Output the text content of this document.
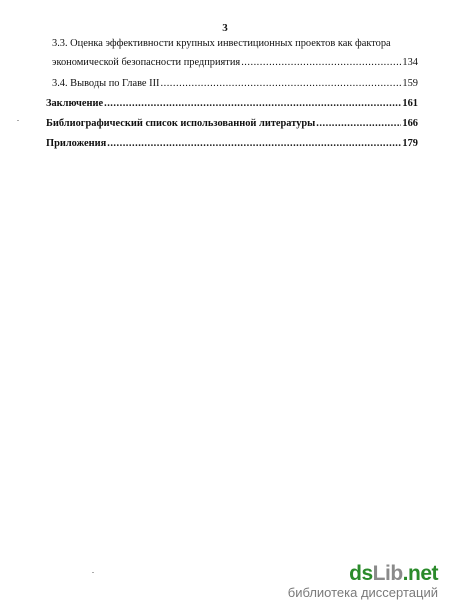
3
3.3. Оценка эффективности крупных инвестиционных проектов как фактора
экономической безопасности предприятия .....	134
3.4. Выводы по Главе III .....	159
Заключение .....	161
Библиографический список использованной литературы .....	166
Приложения .....	179
dsLib.net
библиотека диссертаций
